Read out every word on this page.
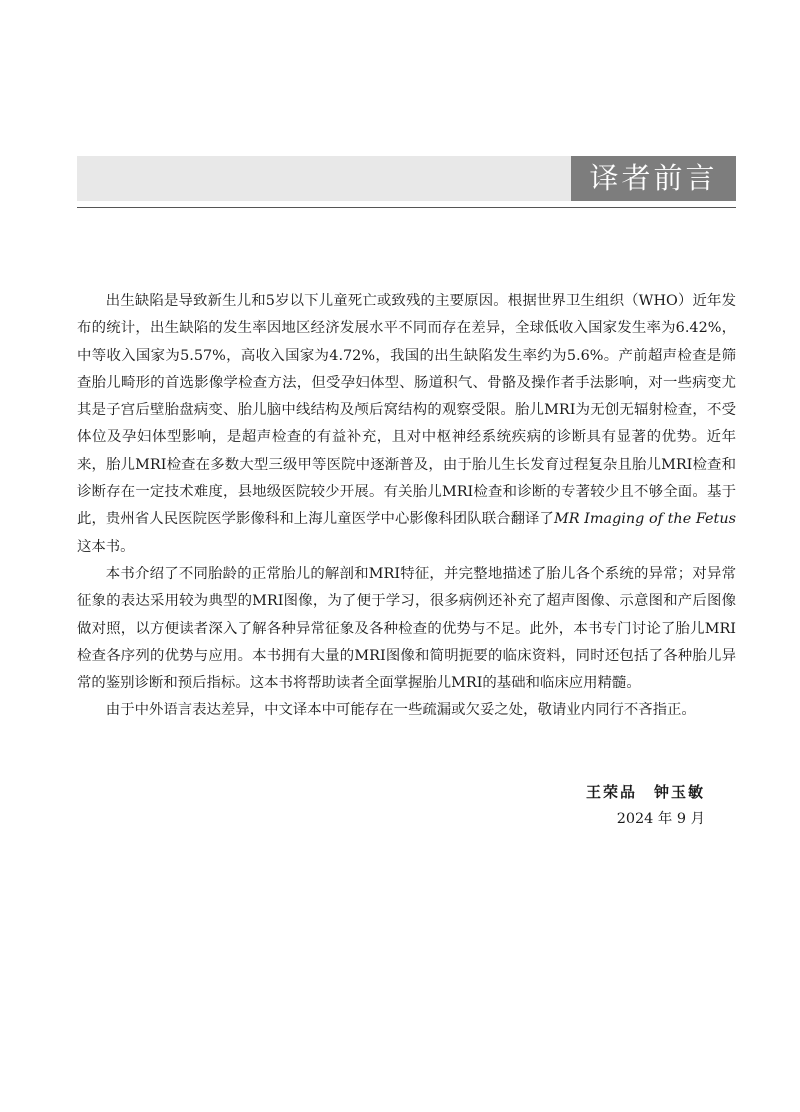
译者前言

出生缺陷是导致新生儿和5岁以下儿童死亡或致残的主要原因。根据世界卫生组织（WHO）近年发布的统计，出生缺陷的发生率因地区经济发展水平不同而存在差异，全球低收入国家发生率为6.42%，中等收入国家为5.57%，高收入国家为4.72%，我国的出生缺陷发生率约为5.6%。产前超声检查是筛查胎儿畸形的首选影像学检查方法，但受孕妇体型、肠道积气、骨骼及操作者手法影响，对一些病变尤其是子宫后壁胎盘病变、胎儿脑中线结构及颅后窝结构的观察受限。胎儿MRI为无创无辐射检查，不受体位及孕妇体型影响，是超声检查的有益补充，且对中枢神经系统疾病的诊断具有显著的优势。近年来，胎儿MRI检查在多数大型三级甲等医院中逐渐普及，由于胎儿生长发育过程复杂且胎儿MRI检查和诊断存在一定技术难度，县地级医院较少开展。有关胎儿MRI检查和诊断的专著较少且不够全面。基于此，贵州省人民医院医学影像科和上海儿童医学中心影像科团队联合翻译了MR Imaging of the Fetus这本书。

本书介绍了不同胎龄的正常胎儿的解剖和MRI特征，并完整地描述了胎儿各个系统的异常；对异常征象的表达采用较为典型的MRI图像，为了便于学习，很多病例还补充了超声图像、示意图和产后图像做对照，以方便读者深入了解各种异常征象及各种检查的优势与不足。此外，本书专门讨论了胎儿MRI检查各序列的优势与应用。本书拥有大量的MRI图像和简明扼要的临床资料，同时还包括了各种胎儿异常的鉴别诊断和预后指标。这本书将帮助读者全面掌握胎儿MRI的基础和临床应用精髓。

由于中外语言表达差异，中文译本中可能存在一些疏漏或欠妥之处，敬请业内同行不吝指正。

王荣品　钟玉敏
2024 年 9 月
